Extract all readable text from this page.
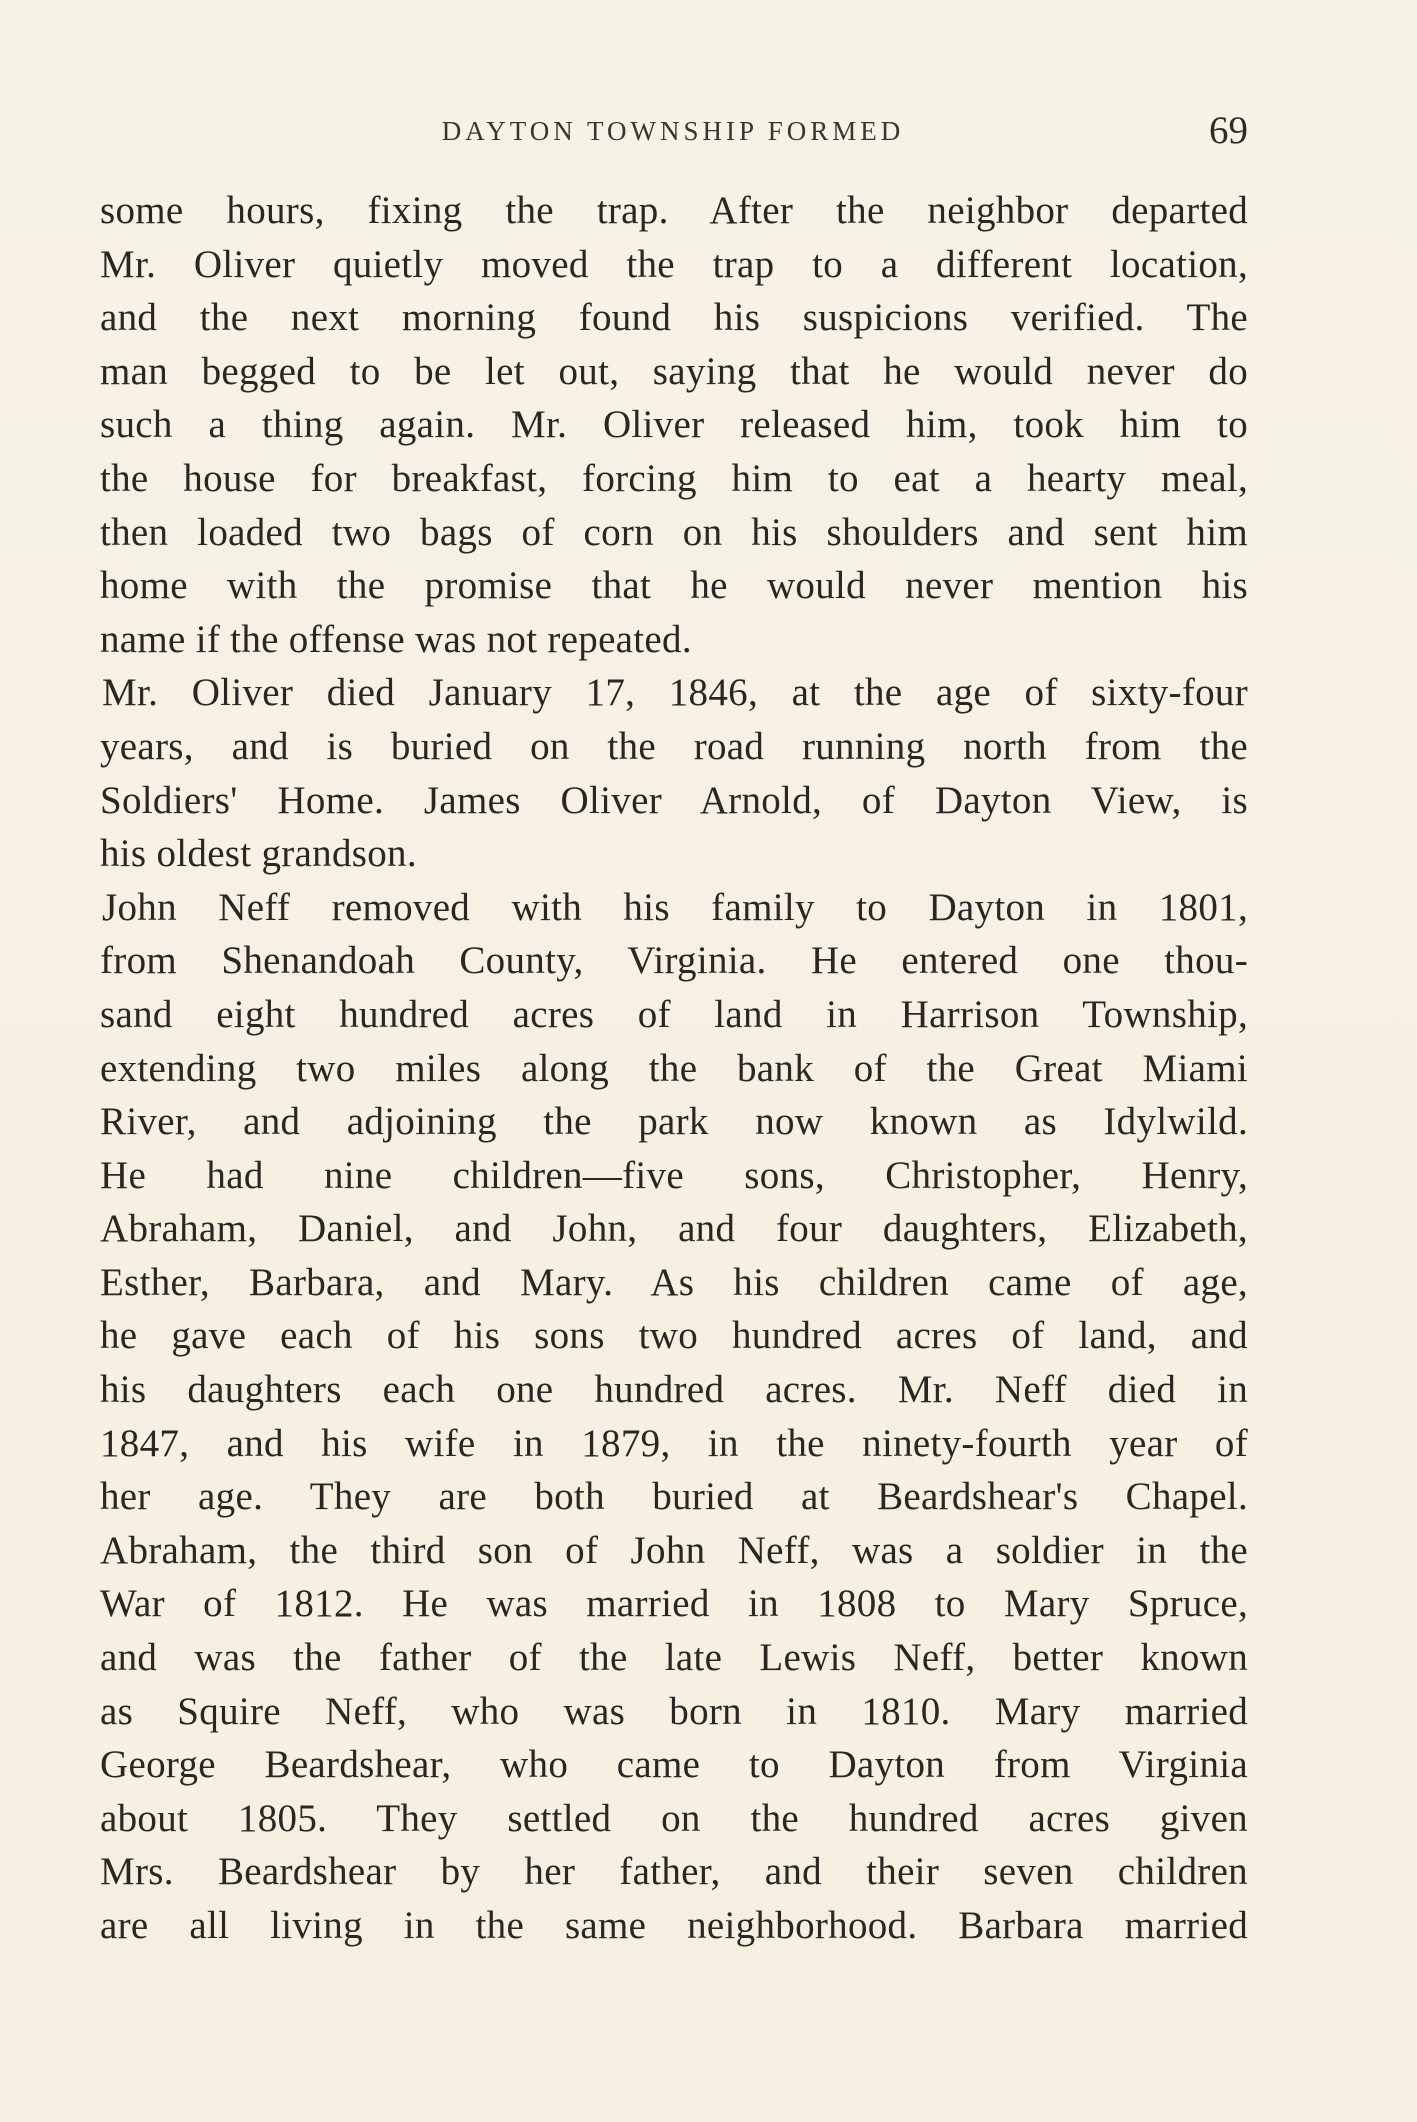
DAYTON TOWNSHIP FORMED	69
some hours, fixing the trap. After the neighbor departed
Mr. Oliver quietly moved the trap to a different location,
and the next morning found his suspicions verified. The
man begged to be let out, saying that he would never do
such a thing again. Mr. Oliver released him, took him to
the house for breakfast, forcing him to eat a hearty meal,
then loaded two bags of corn on his shoulders and sent him
home with the promise that he would never mention his
name if the offense was not repeated.
Mr. Oliver died January 17, 1846, at the age of sixty-four
years, and is buried on the road running north from the
Soldiers' Home. James Oliver Arnold, of Dayton View, is
his oldest grandson.
John Neff removed with his family to Dayton in 1801,
from Shenandoah County, Virginia. He entered one thou-
sand eight hundred acres of land in Harrison Township,
extending two miles along the bank of the Great Miami
River, and adjoining the park now known as Idylwild.
He had nine children—five sons, Christopher, Henry,
Abraham, Daniel, and John, and four daughters, Elizabeth,
Esther, Barbara, and Mary. As his children came of age,
he gave each of his sons two hundred acres of land, and
his daughters each one hundred acres. Mr. Neff died in
1847, and his wife in 1879, in the ninety-fourth year of
her age. They are both buried at Beardshear's Chapel.
Abraham, the third son of John Neff, was a soldier in the
War of 1812. He was married in 1808 to Mary Spruce,
and was the father of the late Lewis Neff, better known
as Squire Neff, who was born in 1810. Mary married
George Beardshear, who came to Dayton from Virginia
about 1805. They settled on the hundred acres given
Mrs. Beardshear by her father, and their seven children
are all living in the same neighborhood. Barbara married
